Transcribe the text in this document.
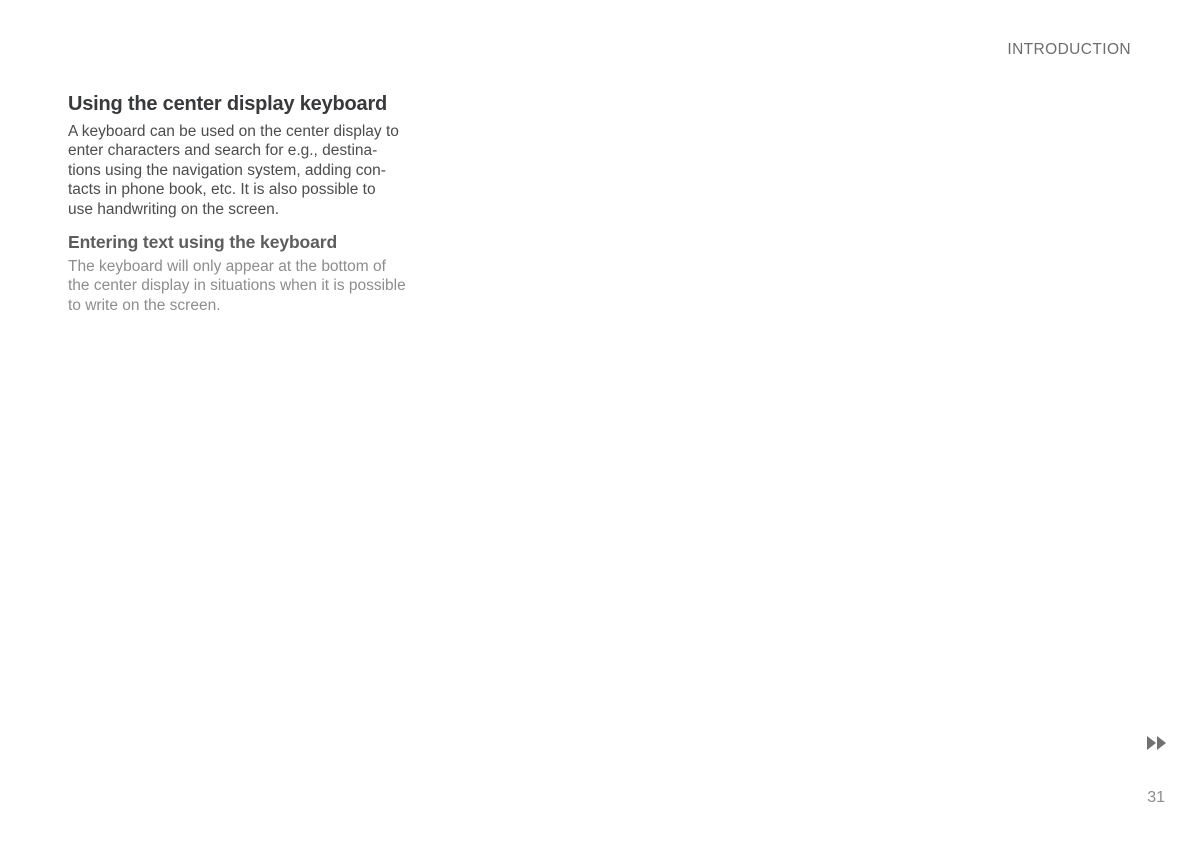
INTRODUCTION
Using the center display keyboard

A keyboard can be used on the center display to
enter characters and search for e.g., destina-
tions using the navigation system, adding con-
tacts in phone book, etc. It is also possible to
use handwriting on the screen.

Entering text using the keyboard

The keyboard will only appear at the bottom of
the center display in situations when it is possible
to write on the screen.

31
